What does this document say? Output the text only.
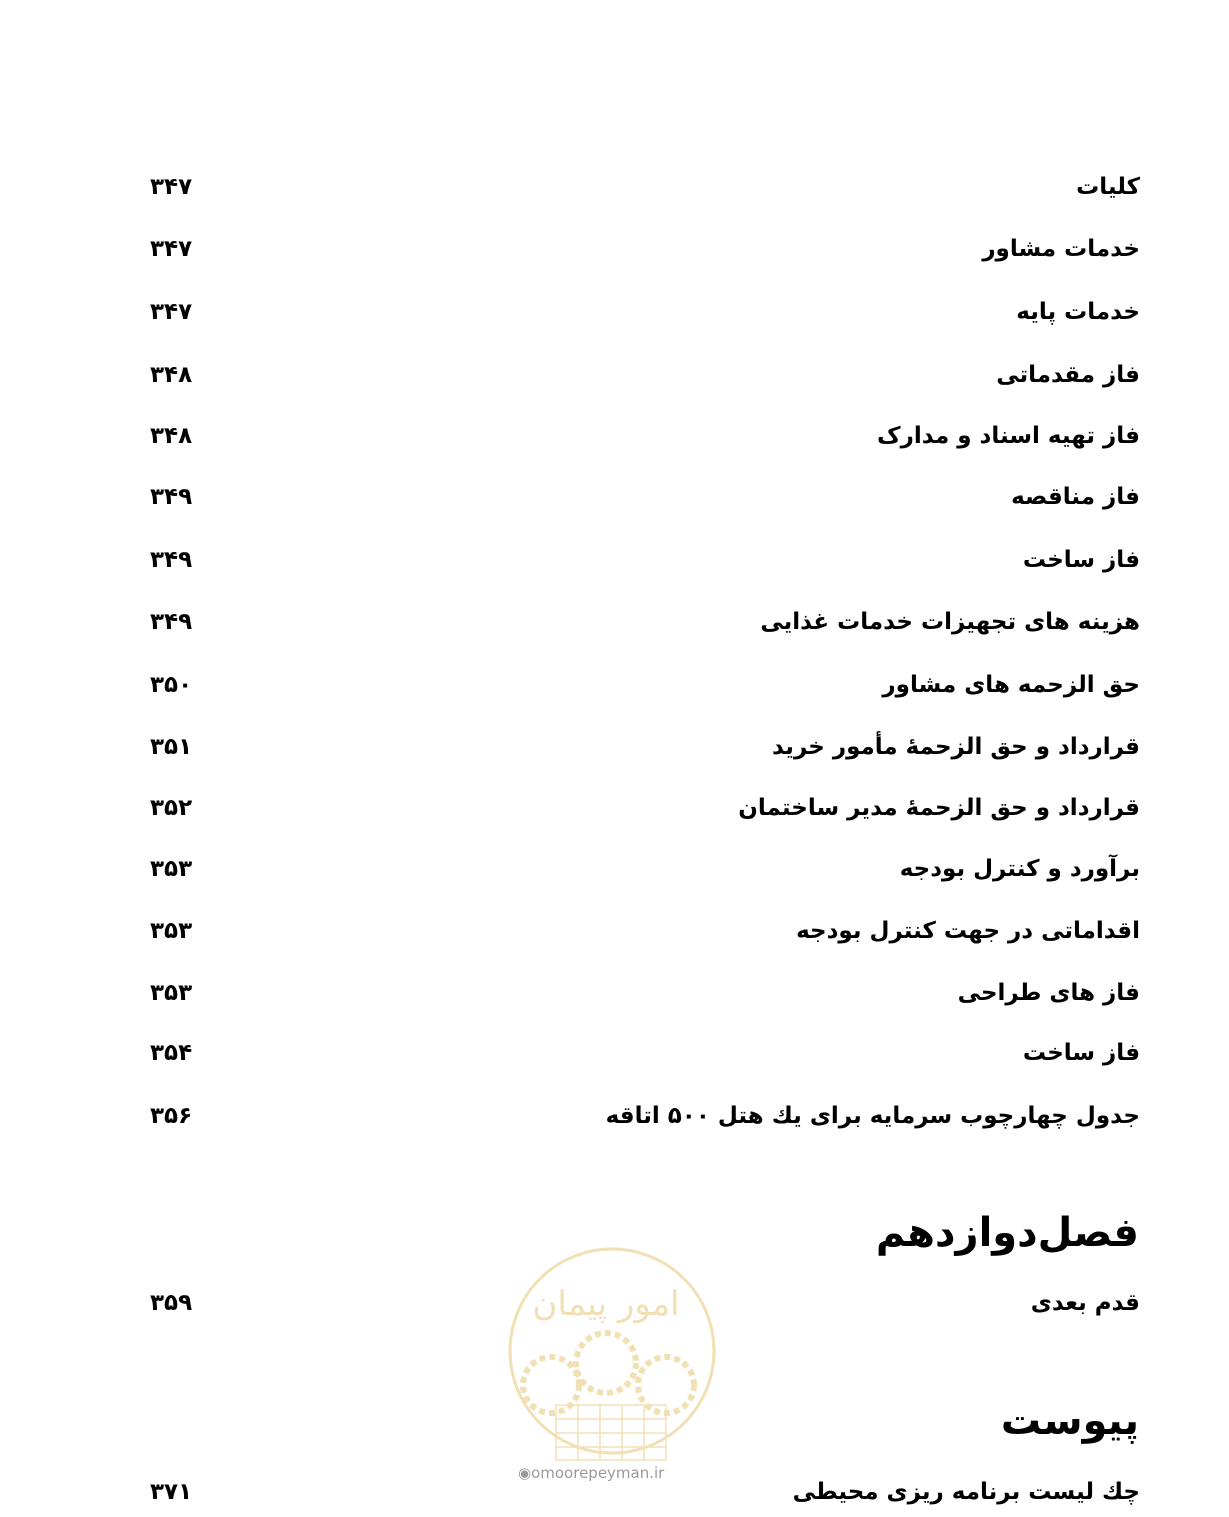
۳۴۷	کلیات
۳۴۷	خدمات مشاور
۳۴۷	خدمات پایه
۳۴۸	فاز مقدماتی
۳۴۸	فاز تهیه اسناد و مدارک
۳۴۹	فاز مناقصه
۳۴۹	فاز ساخت
۳۴۹	هزینه های تجهیزات خدمات غذایی
۳۵۰	حق الزحمه های مشاور
۳۵۱	قرارداد و حق الزحمهٔ مأمور خرید
۳۵۲	قرارداد و حق الزحمهٔ مدیر ساختمان
۳۵۳	برآورد و کنترل بودجه
۳۵۳	اقداماتی در جهت کنترل بودجه
۳۵۳	فاز های طراحی
۳۵۴	فاز ساخت
۳۵۶	جدول چهارچوب سرمایه برای یك هتل ۵۰۰ اتاقه
فصل‌دوازدهم
۳۵۹	قدم بعدی
امور پیمان
◉omoorepeyman.ir
پیوست
۳۷۱	چك لیست برنامه ریزی محیطی
